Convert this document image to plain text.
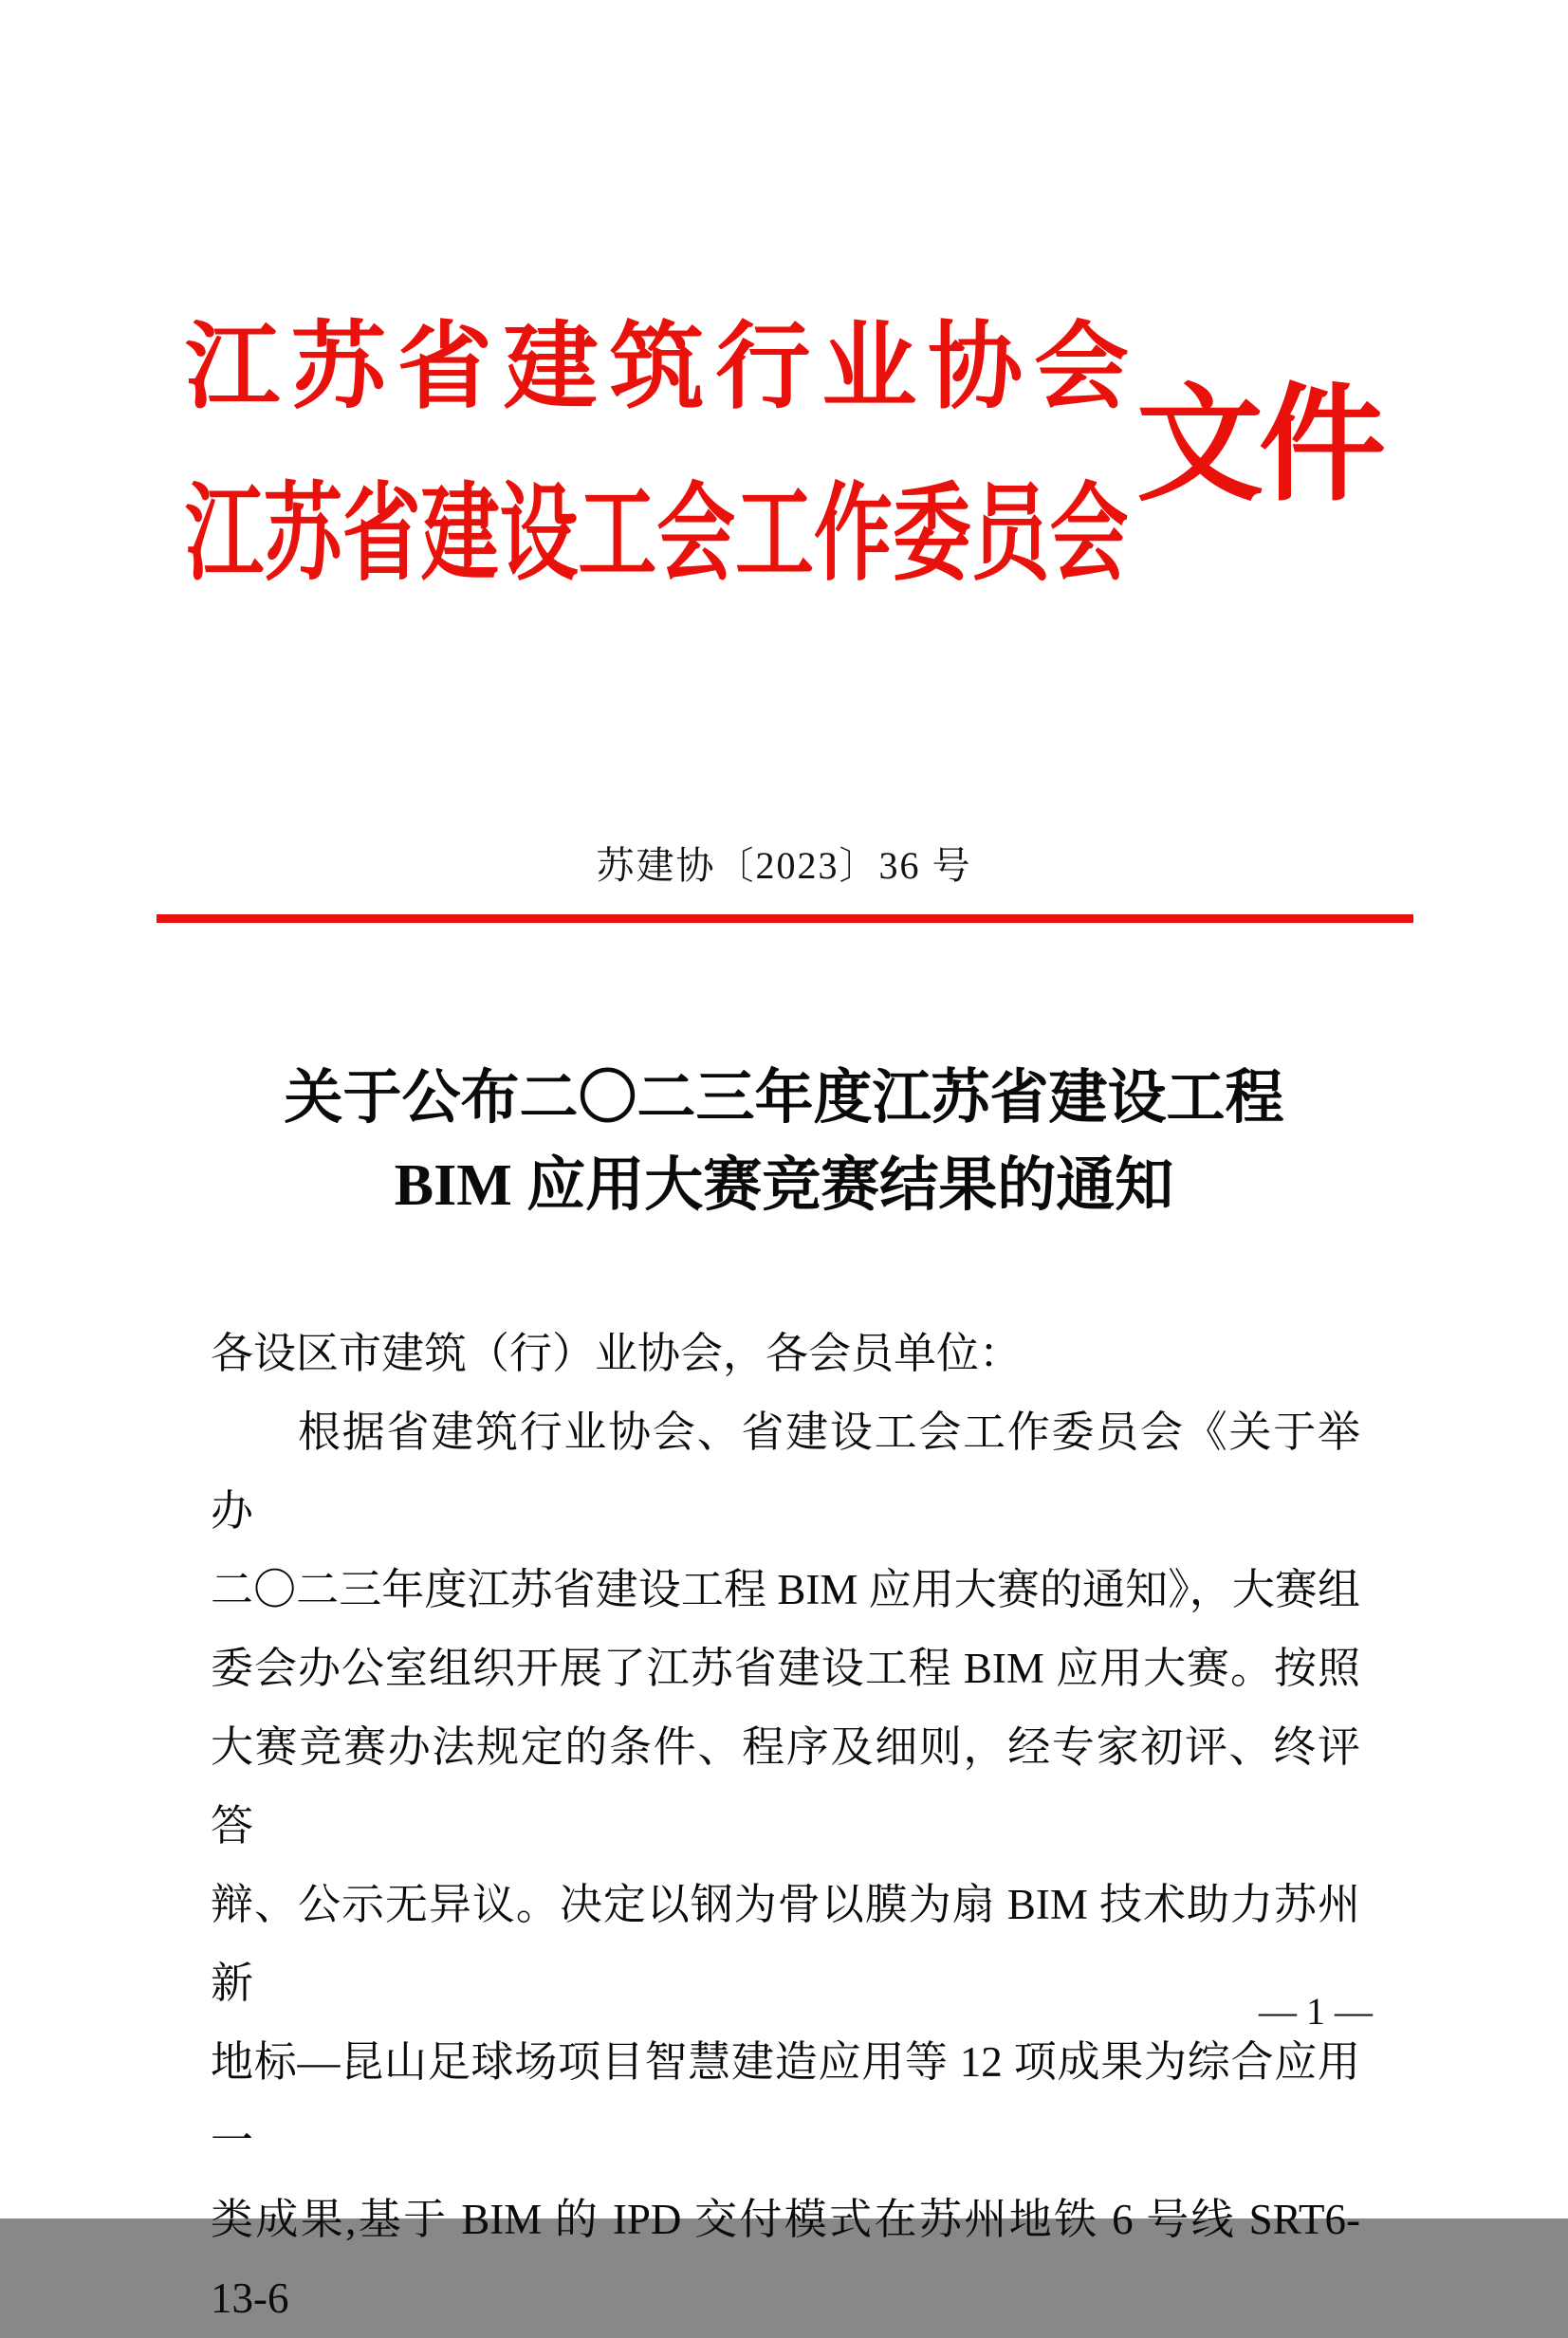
江 苏 省 建 筑 行 业 协 会
江苏省建设工会工作委员会
文件
苏建协〔2023〕36 号
关于公布二〇二三年度江苏省建设工程
BIM 应用大赛竞赛结果的通知
各设区市建筑（行）业协会，各会员单位：
根据省建筑行业协会、省建设工会工作委员会《关于举办
二〇二三年度江苏省建设工程 BIM 应用大赛的通知》，大赛组
委会办公室组织开展了江苏省建设工程 BIM 应用大赛。按照
大赛竞赛办法规定的条件、程序及细则，经专家初评、终评答
辩、公示无异议。决定以钢为骨以膜为扇 BIM 技术助力苏州新
地标—昆山足球场项目智慧建造应用等 12 项成果为综合应用一
类成果,基于 BIM 的 IPD 交付模式在苏州地铁 6 号线 SRT6-13-6
— 1 —
